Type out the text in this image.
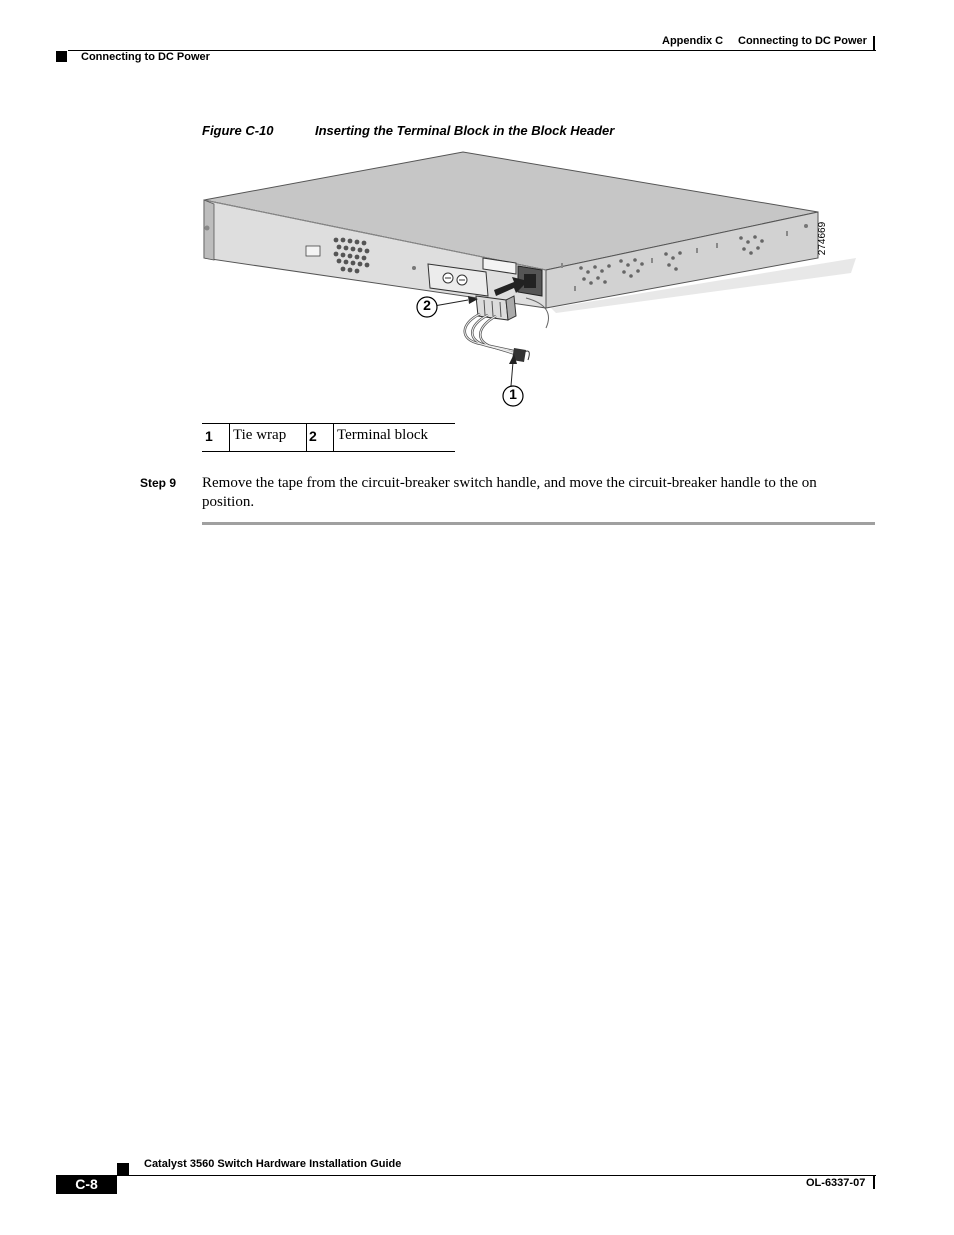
Appendix C Connecting to DC Power
Connecting to DC Power
Figure C-10	Inserting the Terminal Block in the Block Header
2
1
274669
1 Tie wrap 2 Terminal block
Step 9 Remove the tape from the circuit-breaker switch handle, and move the circuit-breaker handle to the on position.
Catalyst 3560 Switch Hardware Installation Guide
C-8	OL-6337-07
